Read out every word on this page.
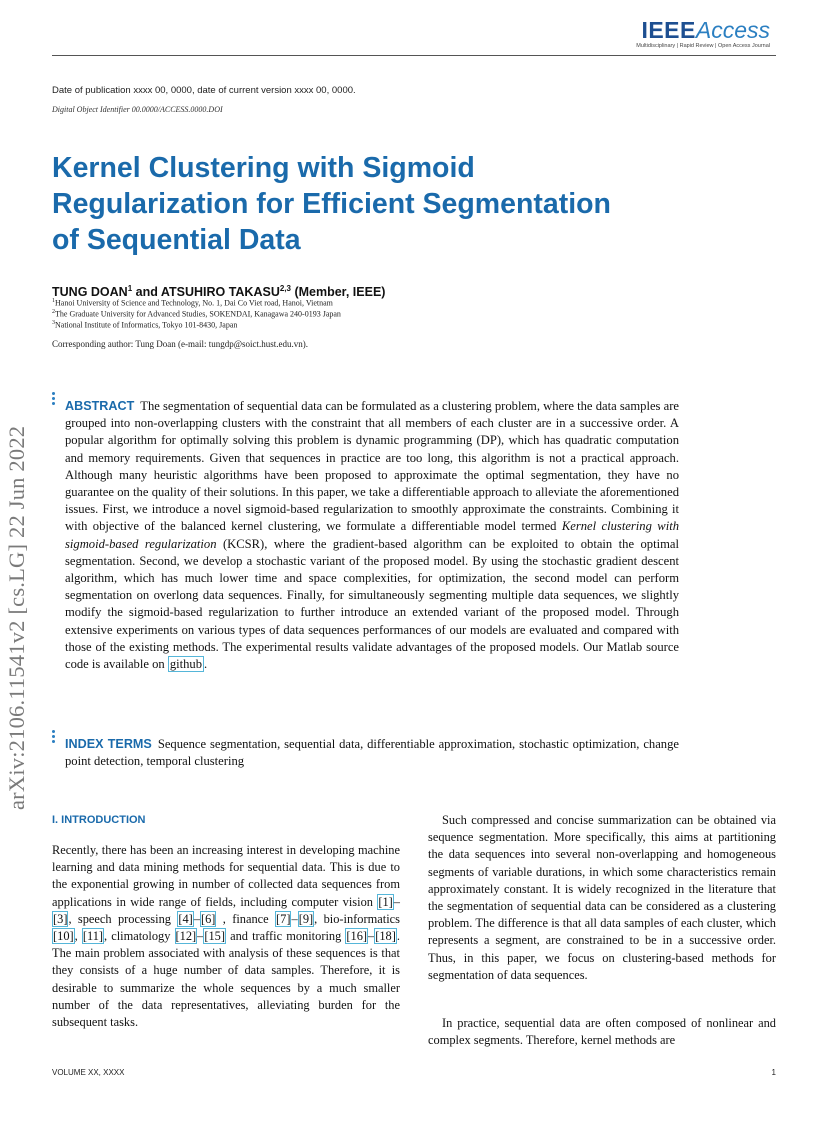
IEEEAccess
Multidisciplinary | Rapid Review | Open Access Journal
Date of publication xxxx 00, 0000, date of current version xxxx 00, 0000.
Digital Object Identifier 00.0000/ACCESS.0000.DOI
arXiv:2106.11541v2 [cs.LG] 22 Jun 2022
Kernel Clustering with Sigmoid Regularization for Efficient Segmentation of Sequential Data
TUNG DOAN$^1$ and ATSUHIRO TAKASU$^{2,3}$ (Member, IEEE)
$^1$Hanoi University of Science and Technology, No. 1, Dai Co Viet road, Hanoi, Vietnam
$^2$The Graduate University for Advanced Studies, SOKENDAI, Kanagawa 240-0193 Japan
$^3$National Institute of Informatics, Tokyo 101-8430, Japan
Corresponding author: Tung Doan (e-mail: tungdp@soict.hust.edu.vn).
ABSTRACT The segmentation of sequential data can be formulated as a clustering problem, where the data samples are grouped into non-overlapping clusters with the constraint that all members of each cluster are in a successive order. A popular algorithm for optimally solving this problem is dynamic programming (DP), which has quadratic computation and memory requirements. Given that sequences in practice are too long, this algorithm is not a practical approach. Although many heuristic algorithms have been proposed to approximate the optimal segmentation, they have no guarantee on the quality of their solutions. In this paper, we take a differentiable approach to alleviate the aforementioned issues. First, we introduce a novel sigmoid-based regularization to smoothly approximate the constraints. Combining it with objective of the balanced kernel clustering, we formulate a differentiable model termed Kernel clustering with sigmoid-based regularization (KCSR), where the gradient-based algorithm can be exploited to obtain the optimal segmentation. Second, we develop a stochastic variant of the proposed model. By using the stochastic gradient descent algorithm, which has much lower time and space complexities, for optimization, the second model can perform segmentation on overlong data sequences. Finally, for simultaneously segmenting multiple data sequences, we slightly modify the sigmoid-based regularization to further introduce an extended variant of the proposed model. Through extensive experiments on various types of data sequences performances of our models are evaluated and compared with those of the existing methods. The experimental results validate advantages of the proposed models. Our Matlab source code is available on github .
INDEX TERMS Sequence segmentation, sequential data, differentiable approximation, stochastic optimization, change point detection, temporal clustering
I. INTRODUCTION

Recently, there has been an increasing interest in developing machine learning and data mining methods for sequential data. This is due to the exponential growing in number of collected data sequences from applications in wide range of fields, including computer vision [1]–[3], speech processing [4]–[6] , finance [7]–[9], bio-informatics [10], [11], climatology [12]–[15] and traffic monitoring [16]–[18]. The main problem associated with analysis of these sequences is that they consists of a huge number of data samples. Therefore, it is desirable to summarize the whole sequences by a much smaller number of the data representatives, alleviating burden for the subsequent tasks.

Such compressed and concise summarization can be obtained via sequence segmentation. More specifically, this aims at partitioning the data sequences into several non-overlapping and homogeneous segments of variable durations, in which some characteristics remain approximately constant. It is widely recognized in the literature that the segmentation of sequential data can be considered as a clustering problem. The difference is that all data samples of each cluster, which represents a segment, are constrained to be in a successive order. Thus, in this paper, we focus on clustering-based methods for segmentation of data sequences.

In practice, sequential data are often composed of nonlinear and complex segments. Therefore, kernel methods are

VOLUME XX, XXXX	1
